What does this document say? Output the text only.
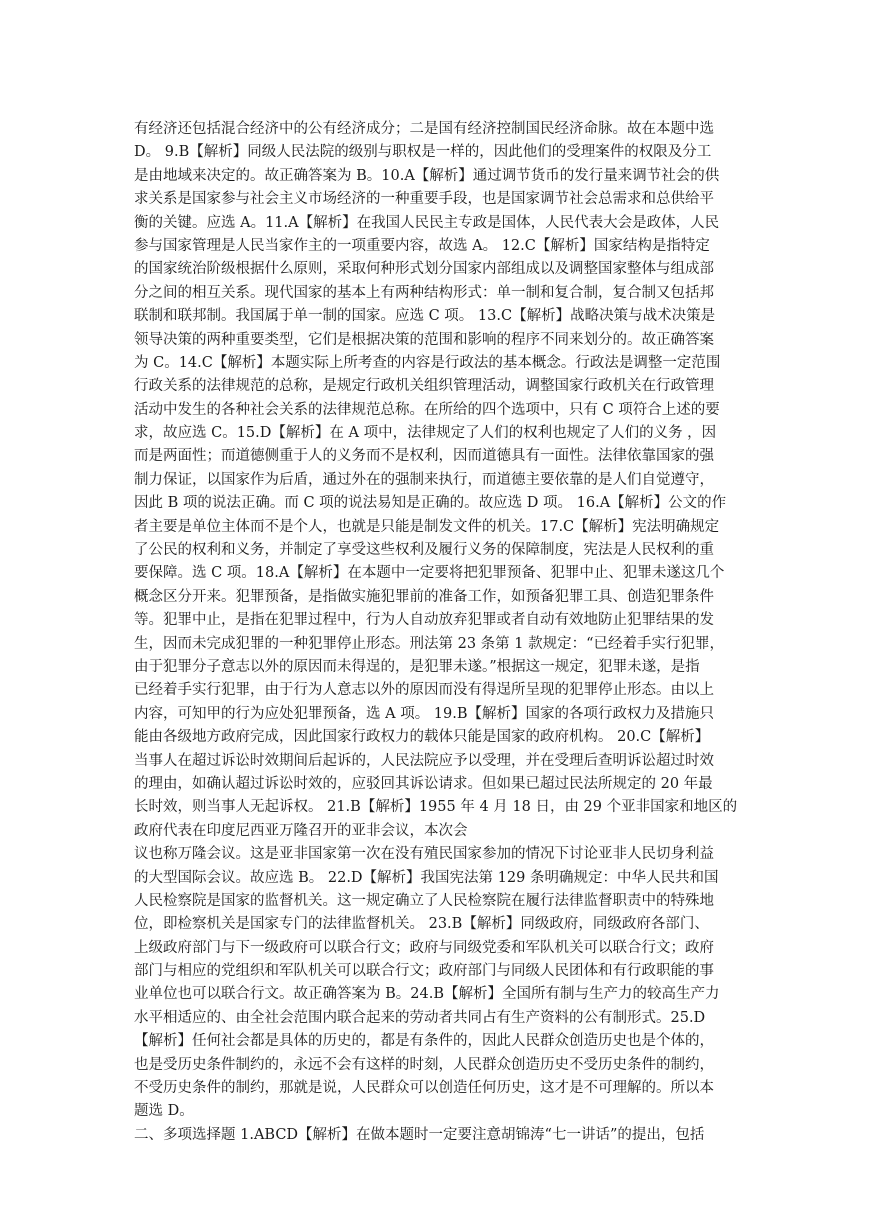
有经济还包括混合经济中的公有经济成分；二是国有经济控制国民经济命脉。故在本题中选
D。 9.B【解析】同级人民法院的级别与职权是一样的，因此他们的受理案件的权限及分工
是由地域来决定的。故正确答案为 B。10.A【解析】通过调节货币的发行量来调节社会的供
求关系是国家参与社会主义市场经济的一种重要手段，也是国家调节社会总需求和总供给平
衡的关键。应选 A。11.A【解析】在我国人民民主专政是国体，人民代表大会是政体，人民
参与国家管理是人民当家作主的一项重要内容，故选 A。 12.C【解析】国家结构是指特定
的国家统治阶级根据什么原则，采取何种形式划分国家内部组成以及调整国家整体与组成部
分之间的相互关系。现代国家的基本上有两种结构形式：单一制和复合制，复合制又包括邦
联制和联邦制。我国属于单一制的国家。应选 C 项。 13.C【解析】战略决策与战术决策是
领导决策的两种重要类型，它们是根据决策的范围和影响的程序不同来划分的。故正确答案
为 C。14.C【解析】本题实际上所考查的内容是行政法的基本概念。行政法是调整一定范围
行政关系的法律规范的总称，是规定行政机关组织管理活动，调整国家行政机关在行政管理
活动中发生的各种社会关系的法律规范总称。在所给的四个选项中，只有 C 项符合上述的要
求，故应选 C。15.D【解析】在 A 项中，法律规定了人们的权利也规定了人们的义务 ，因
而是两面性；而道德侧重于人的义务而不是权利，因而道德具有一面性。法律依靠国家的强
制力保证，以国家作为后盾，通过外在的强制来执行，而道德主要依靠的是人们自觉遵守，
因此 B 项的说法正确。而 C 项的说法易知是正确的。故应选 D 项。 16.A【解析】公文的作
者主要是单位主体而不是个人，也就是只能是制发文件的机关。17.C【解析】宪法明确规定
了公民的权利和义务，并制定了享受这些权利及履行义务的保障制度，宪法是人民权利的重
要保障。选 C 项。18.A【解析】在本题中一定要将把犯罪预备、犯罪中止、犯罪未遂这几个
概念区分开来。犯罪预备，是指做实施犯罪前的准备工作，如预备犯罪工具、创造犯罪条件
等。犯罪中止，是指在犯罪过程中，行为人自动放弃犯罪或者自动有效地防止犯罪结果的发
生，因而未完成犯罪的一种犯罪停止形态。刑法第 23 条第 1 款规定：“已经着手实行犯罪，
由于犯罪分子意志以外的原因而未得逞的，是犯罪未遂。”根据这一规定，犯罪未遂，是指
已经着手实行犯罪，由于行为人意志以外的原因而没有得逞所呈现的犯罪停止形态。由以上
内容，可知甲的行为应处犯罪预备，选 A 项。 19.B【解析】国家的各项行政权力及措施只
能由各级地方政府完成，因此国家行政权力的载体只能是国家的政府机构。 20.C【解析】
当事人在超过诉讼时效期间后起诉的，人民法院应予以受理，并在受理后查明诉讼超过时效
的理由，如确认超过诉讼时效的，应驳回其诉讼请求。但如果已超过民法所规定的 20 年最
长时效，则当事人无起诉权。 21.B【解析】1955 年 4 月 18 日，由 29 个亚非国家和地区的
政府代表在印度尼西亚万隆召开的亚非会议，本次会
议也称万隆会议。这是亚非国家第一次在没有殖民国家参加的情况下讨论亚非人民切身利益
的大型国际会议。故应选 B。 22.D【解析】我国宪法第 129 条明确规定：中华人民共和国
人民检察院是国家的监督机关。这一规定确立了人民检察院在履行法律监督职责中的特殊地
位，即检察机关是国家专门的法律监督机关。 23.B【解析】同级政府，同级政府各部门、
上级政府部门与下一级政府可以联合行文；政府与同级党委和军队机关可以联合行文；政府
部门与相应的党组织和军队机关可以联合行文；政府部门与同级人民团体和有行政职能的事
业单位也可以联合行文。故正确答案为 B。24.B【解析】全国所有制与生产力的较高生产力
水平相适应的、由全社会范围内联合起来的劳动者共同占有生产资料的公有制形式。25.D
【解析】任何社会都是具体的历史的，都是有条件的，因此人民群众创造历史也是个体的，
也是受历史条件制约的，永远不会有这样的时刻，人民群众创造历史不受历史条件的制约，
不受历史条件的制约，那就是说，人民群众可以创造任何历史，这才是不可理解的。所以本
题选 D。
二、多项选择题 1.ABCD【解析】在做本题时一定要注意胡锦涛“七一讲话”的提出，包括
